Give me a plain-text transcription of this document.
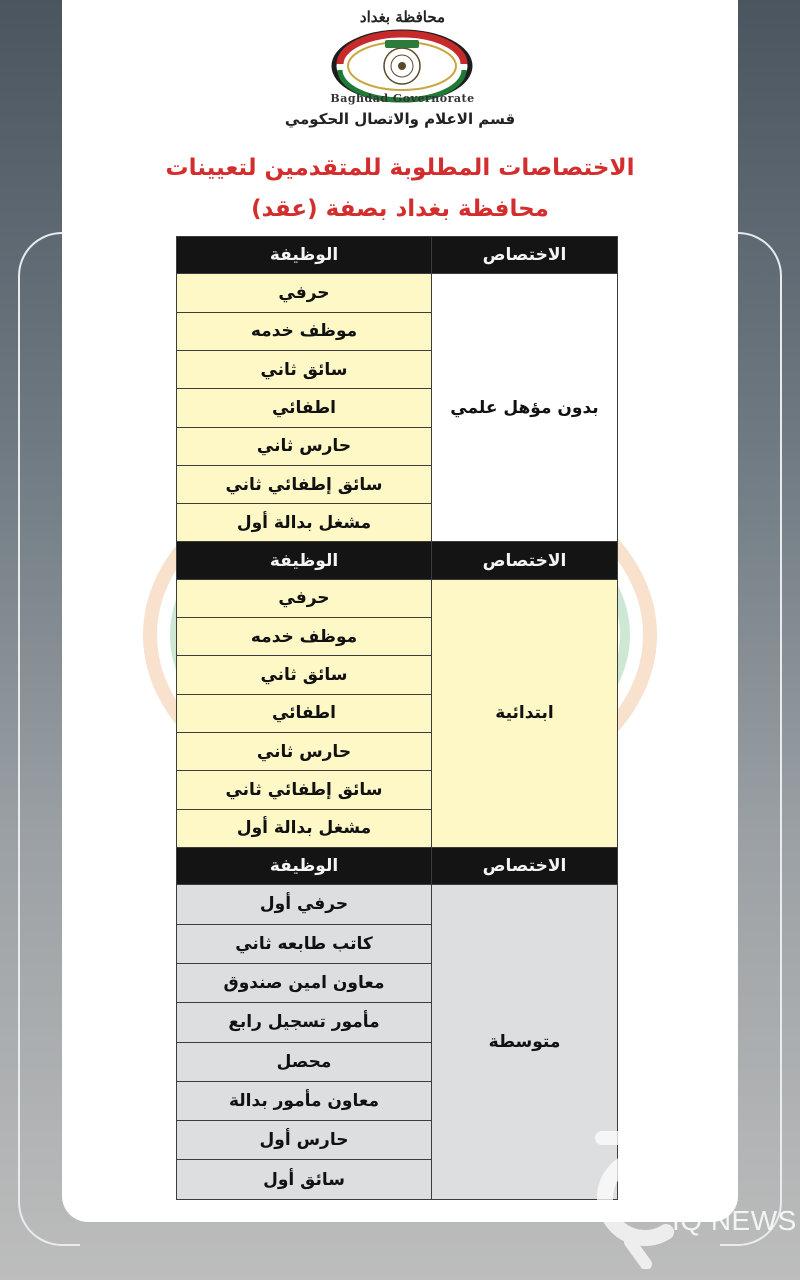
محافظة بغداد
Baghdad Governorate
قسم الاعلام والاتصال الحكومي
الاختصاصات المطلوبة للمتقدمين لتعيينات
محافظة بغداد بصفة (عقد)
الاختصاص	الوظيفة
بدون مؤهل علمي	حرفي
	موظف خدمه
	سائق ثاني
	اطفائي
	حارس ثاني
	سائق إطفائي ثاني
	مشغل بدالة أول
الاختصاص	الوظيفة
ابتدائية	حرفي
	موظف خدمه
	سائق ثاني
	اطفائي
	حارس ثاني
	سائق إطفائي ثاني
	مشغل بدالة أول
الاختصاص	الوظيفة
متوسطة	حرفي أول
	كاتب طابعه ثاني
	معاون امين صندوق
	مأمور تسجيل رابع
	محصل
	معاون مأمور بدالة
	حارس أول
	سائق أول
IQ NEWS
